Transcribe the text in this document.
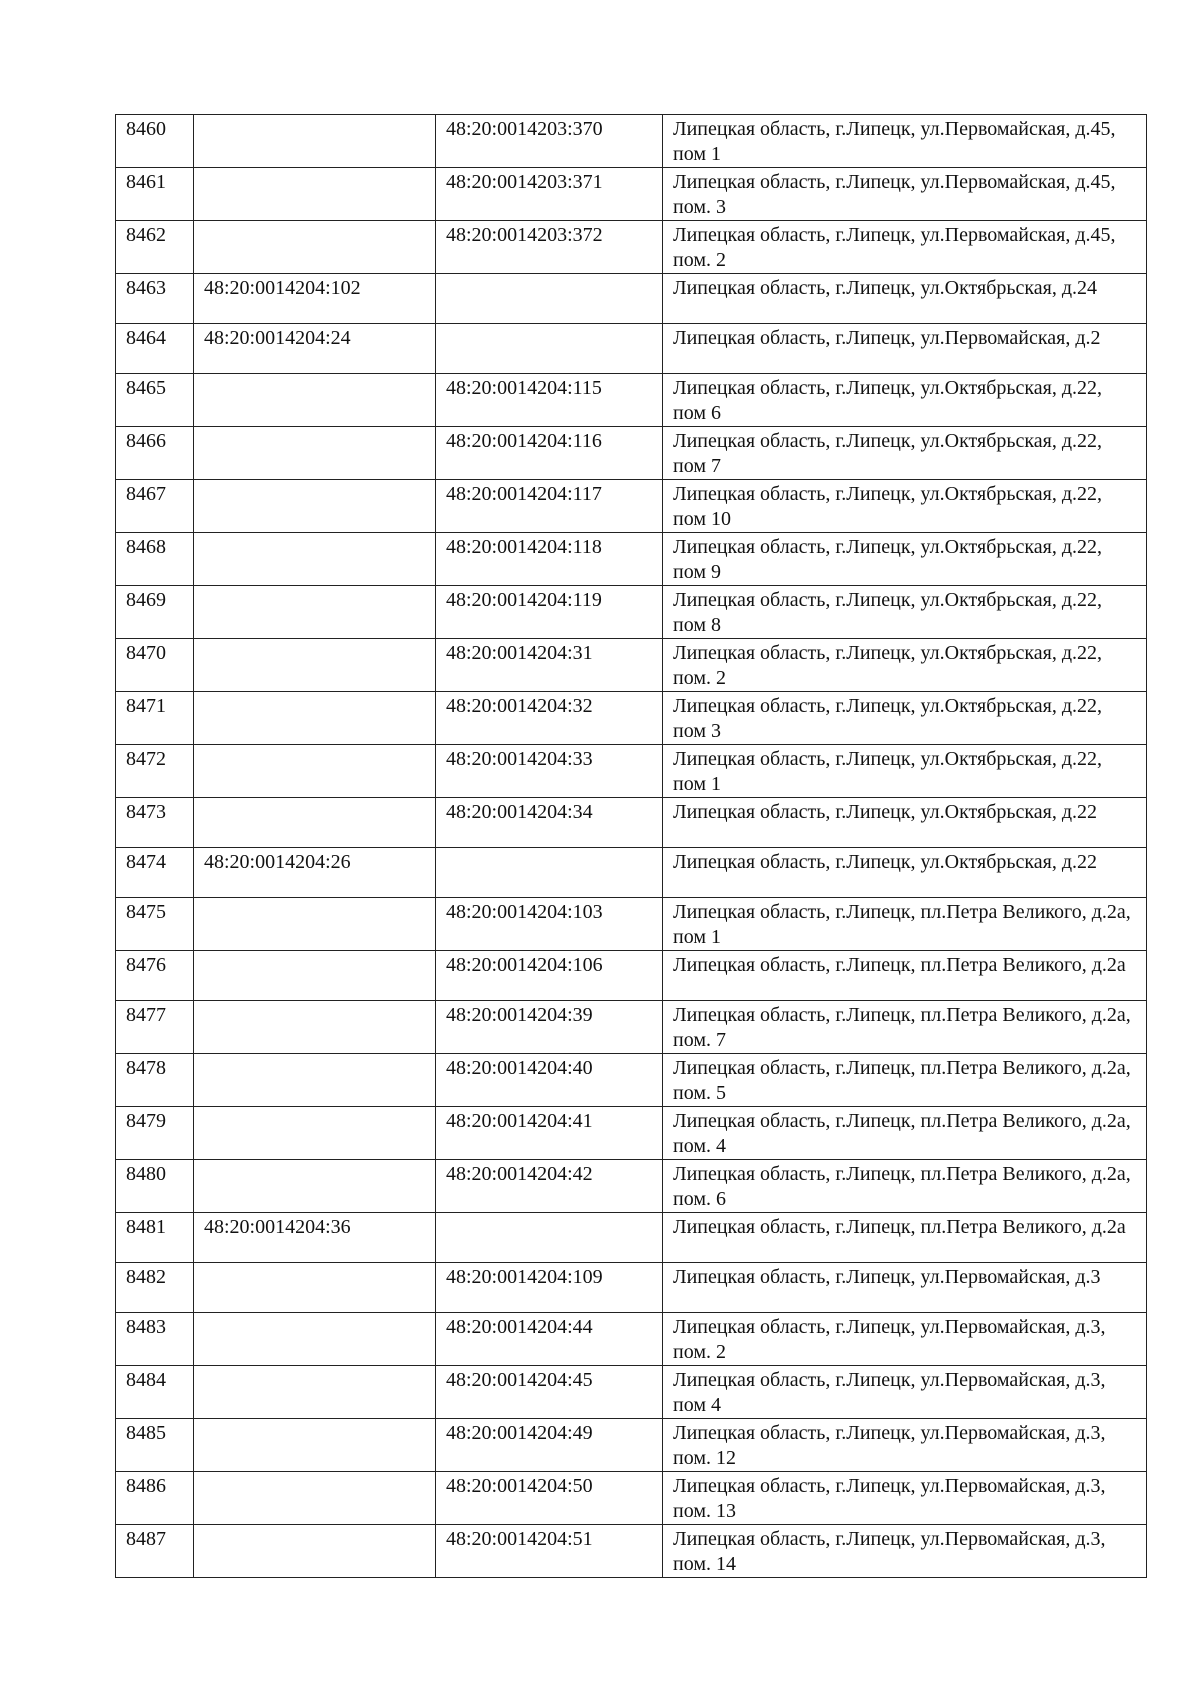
8460		48:20:0014203:370	Липецкая область, г.Липецк, ул.Первомайская, д.45, пом 1
8461		48:20:0014203:371	Липецкая область, г.Липецк, ул.Первомайская, д.45, пом. 3
8462		48:20:0014203:372	Липецкая область, г.Липецк, ул.Первомайская, д.45, пом. 2
8463	48:20:0014204:102		Липецкая область, г.Липецк, ул.Октябрьская, д.24
8464	48:20:0014204:24		Липецкая область, г.Липецк, ул.Первомайская, д.2
8465		48:20:0014204:115	Липецкая область, г.Липецк, ул.Октябрьская, д.22, пом 6
8466		48:20:0014204:116	Липецкая область, г.Липецк, ул.Октябрьская, д.22, пом 7
8467		48:20:0014204:117	Липецкая область, г.Липецк, ул.Октябрьская, д.22, пом 10
8468		48:20:0014204:118	Липецкая область, г.Липецк, ул.Октябрьская, д.22, пом 9
8469		48:20:0014204:119	Липецкая область, г.Липецк, ул.Октябрьская, д.22, пом 8
8470		48:20:0014204:31	Липецкая область, г.Липецк, ул.Октябрьская, д.22, пом. 2
8471		48:20:0014204:32	Липецкая область, г.Липецк, ул.Октябрьская, д.22, пом 3
8472		48:20:0014204:33	Липецкая область, г.Липецк, ул.Октябрьская, д.22, пом 1
8473		48:20:0014204:34	Липецкая область, г.Липецк, ул.Октябрьская, д.22
8474	48:20:0014204:26		Липецкая область, г.Липецк, ул.Октябрьская, д.22
8475		48:20:0014204:103	Липецкая область, г.Липецк, пл.Петра Великого, д.2а, пом 1
8476		48:20:0014204:106	Липецкая область, г.Липецк, пл.Петра Великого, д.2а
8477		48:20:0014204:39	Липецкая область, г.Липецк, пл.Петра Великого, д.2а, пом. 7
8478		48:20:0014204:40	Липецкая область, г.Липецк, пл.Петра Великого, д.2а, пом. 5
8479		48:20:0014204:41	Липецкая область, г.Липецк, пл.Петра Великого, д.2а, пом. 4
8480		48:20:0014204:42	Липецкая область, г.Липецк, пл.Петра Великого, д.2а, пом. 6
8481	48:20:0014204:36		Липецкая область, г.Липецк, пл.Петра Великого, д.2а
8482		48:20:0014204:109	Липецкая область, г.Липецк, ул.Первомайская, д.3
8483		48:20:0014204:44	Липецкая область, г.Липецк, ул.Первомайская, д.3, пом. 2
8484		48:20:0014204:45	Липецкая область, г.Липецк, ул.Первомайская, д.3, пом 4
8485		48:20:0014204:49	Липецкая область, г.Липецк, ул.Первомайская, д.3, пом. 12
8486		48:20:0014204:50	Липецкая область, г.Липецк, ул.Первомайская, д.3, пом. 13
8487		48:20:0014204:51	Липецкая область, г.Липецк, ул.Первомайская, д.3, пом. 14
